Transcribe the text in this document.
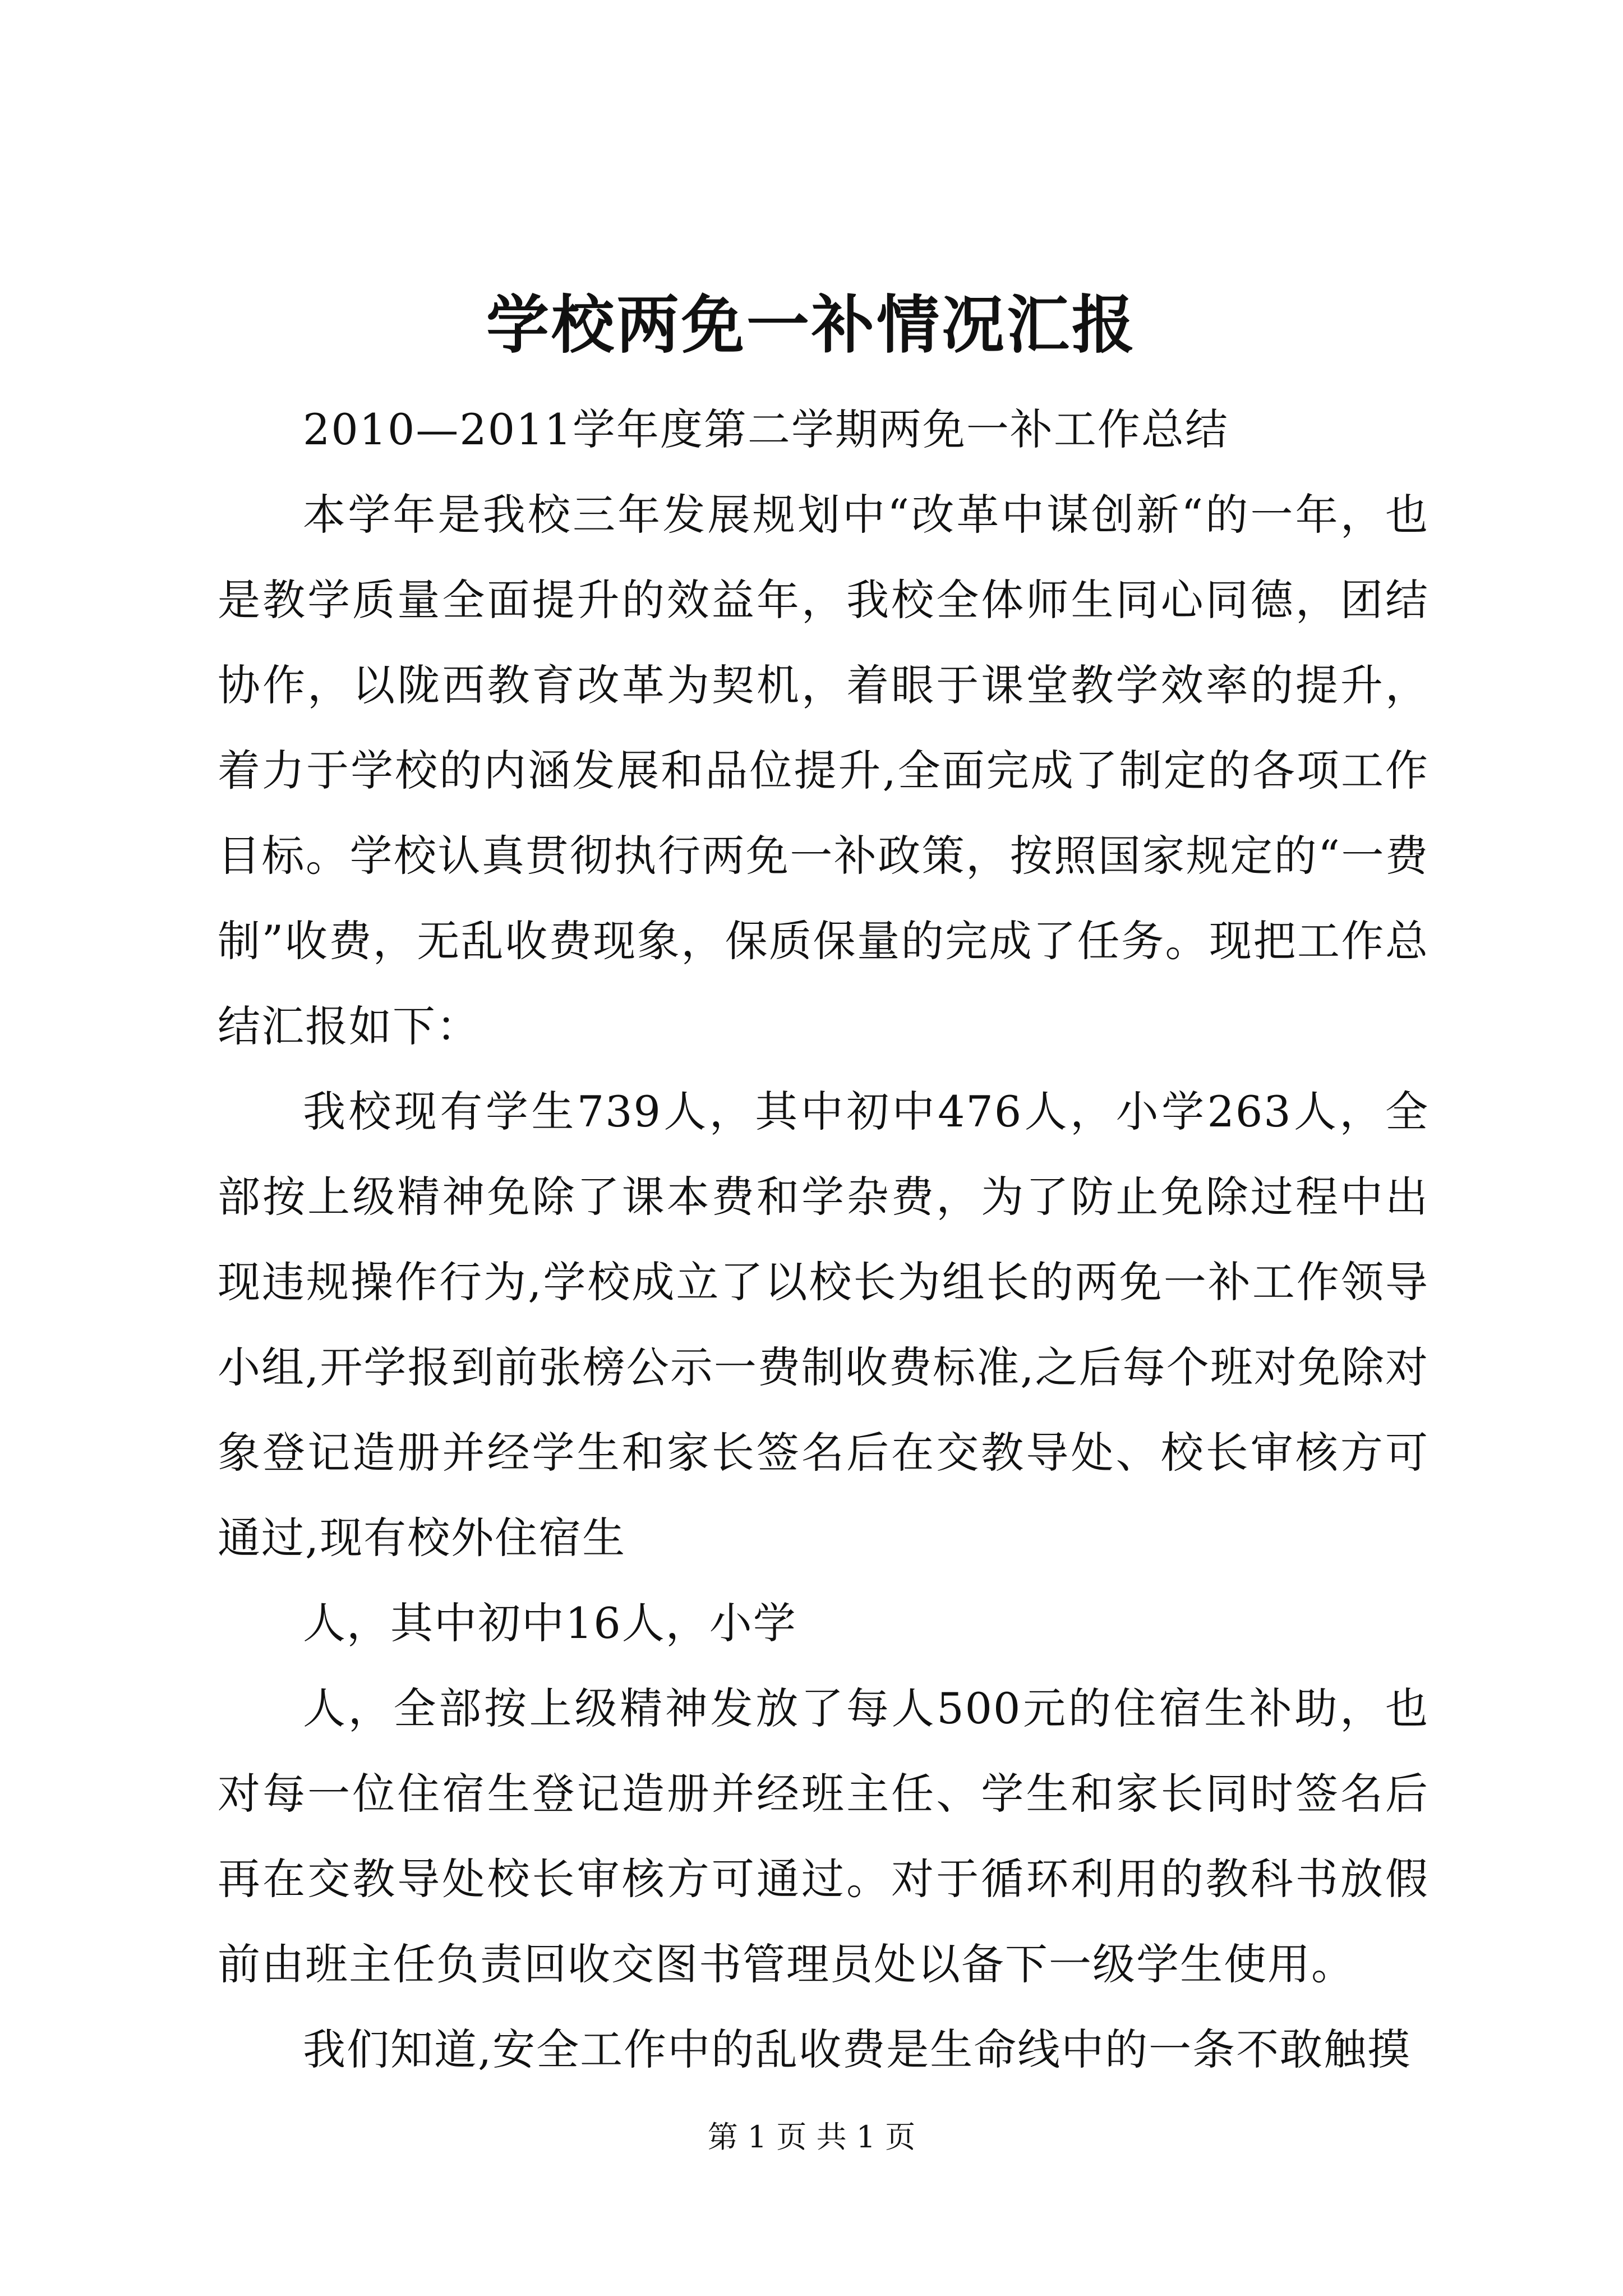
学校两免一补情况汇报

2010—2011学年度第二学期两免一补工作总结

本学年是我校三年发展规划中“改革中谋创新“的一年，也是教学质量全面提升的效益年，我校全体师生同心同德，团结协作，以陇西教育改革为契机，着眼于课堂教学效率的提升，着力于学校的内涵发展和品位提升,全面完成了制定的各项工作目标。学校认真贯彻执行两免一补政策，按照国家规定的“一费制”收费，无乱收费现象，保质保量的完成了任务。现把工作总结汇报如下：

我校现有学生739人，其中初中476人，小学263人，全部按上级精神免除了课本费和学杂费，为了防止免除过程中出现违规操作行为,学校成立了以校长为组长的两免一补工作领导小组,开学报到前张榜公示一费制收费标准,之后每个班对免除对象登记造册并经学生和家长签名后在交教导处、校长审核方可通过,现有校外住宿生

人，其中初中16人，小学

人，全部按上级精神发放了每人500元的住宿生补助，也对每一位住宿生登记造册并经班主任、学生和家长同时签名后再在交教导处校长审核方可通过。对于循环利用的教科书放假前由班主任负责回收交图书管理员处以备下一级学生使用。

我们知道,安全工作中的乱收费是生命线中的一条不敢触摸

第 1 页 共 1 页
